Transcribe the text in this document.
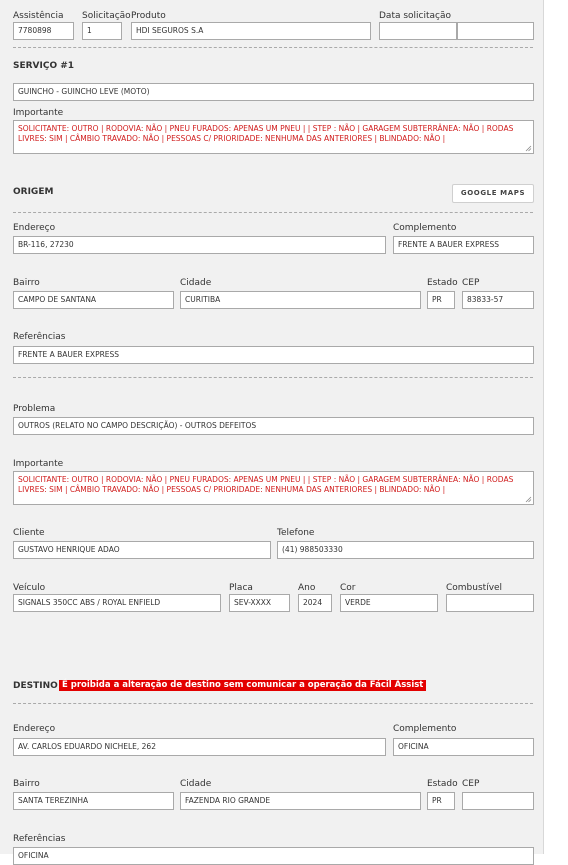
Assistência
7780898
Solicitação
1
Produto
HDI SEGUROS S.A
Data solicitação
SERVIÇO #1
GUINCHO - GUINCHO LEVE (MOTO)
Importante
SOLICITANTE: OUTRO | RODOVIA: NÃO | PNEU FURADOS: APENAS UM PNEU | | STEP : NÃO | GARAGEM SUBTERRÂNEA: NÃO | RODAS LIVRES: SIM | CÂMBIO TRAVADO: NÃO | PESSOAS C/ PRIORIDADE: NENHUMA DAS ANTERIORES | BLINDADO: NÃO |
ORIGEM	GOOGLE MAPS
Endereço
BR-116, 27230
Complemento
FRENTE A BAUER EXPRESS
Bairro
CAMPO DE SANTANA
Cidade
CURITIBA
Estado
PR
CEP
83833-57
Referências
FRENTE A BAUER EXPRESS
Problema
OUTROS (RELATO NO CAMPO DESCRIÇÃO) - OUTROS DEFEITOS
Importante
SOLICITANTE: OUTRO | RODOVIA: NÃO | PNEU FURADOS: APENAS UM PNEU | | STEP : NÃO | GARAGEM SUBTERRÂNEA: NÃO | RODAS LIVRES: SIM | CÂMBIO TRAVADO: NÃO | PESSOAS C/ PRIORIDADE: NENHUMA DAS ANTERIORES | BLINDADO: NÃO |
Cliente
GUSTAVO HENRIQUE ADAO
Telefone
(41) 988503330
Veículo
SIGNALS 350CC ABS / ROYAL ENFIELD
Placa
SEV-XXXX
Ano
2024
Cor
VERDE
Combustível
DESTINO É proibida a alteração de destino sem comunicar a operação da Fácil Assist
Endereço
AV. CARLOS EDUARDO NICHELE, 262
Complemento
OFICINA
Bairro
SANTA TEREZINHA
Cidade
FAZENDA RIO GRANDE
Estado
PR
CEP
Referências
OFICINA
